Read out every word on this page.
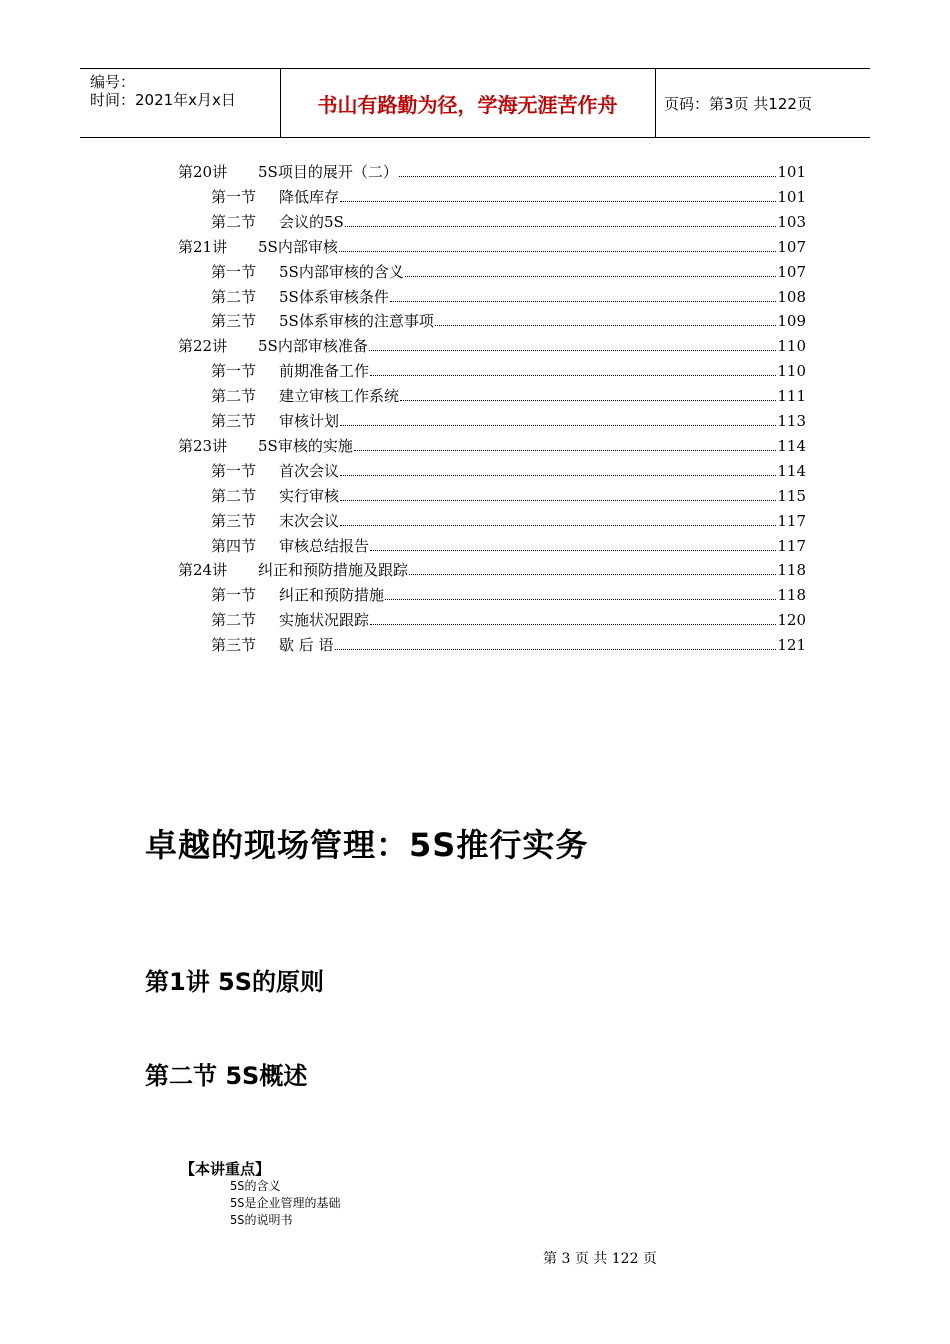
编号：
时间：2021年x月x日	书山有路勤为径，学海无涯苦作舟	页码：第3页 共122页
第20讲	5S项目的展开（二）	101
第一节	降低库存	101
第二节	会议的5S	103
第21讲	5S内部审核	107
第一节	5S内部审核的含义	107
第二节	5S体系审核条件	108
第三节	5S体系审核的注意事项	109
第22讲	5S内部审核准备	110
第一节	前期准备工作	110
第二节	建立审核工作系统	111
第三节	审核计划	113
第23讲	5S审核的实施	114
第一节	首次会议	114
第二节	实行审核	115
第三节	末次会议	117
第四节	审核总结报告	117
第24讲	纠正和预防措施及跟踪	118
第一节	纠正和预防措施	118
第二节	实施状况跟踪	120
第三节	歇 后 语	121
卓越的现场管理：5S推行实务
第1讲 5S的原则
第二节 5S概述
【本讲重点】
5S的含义
5S是企业管理的基础
5S的说明书
第 3 页 共 122 页
